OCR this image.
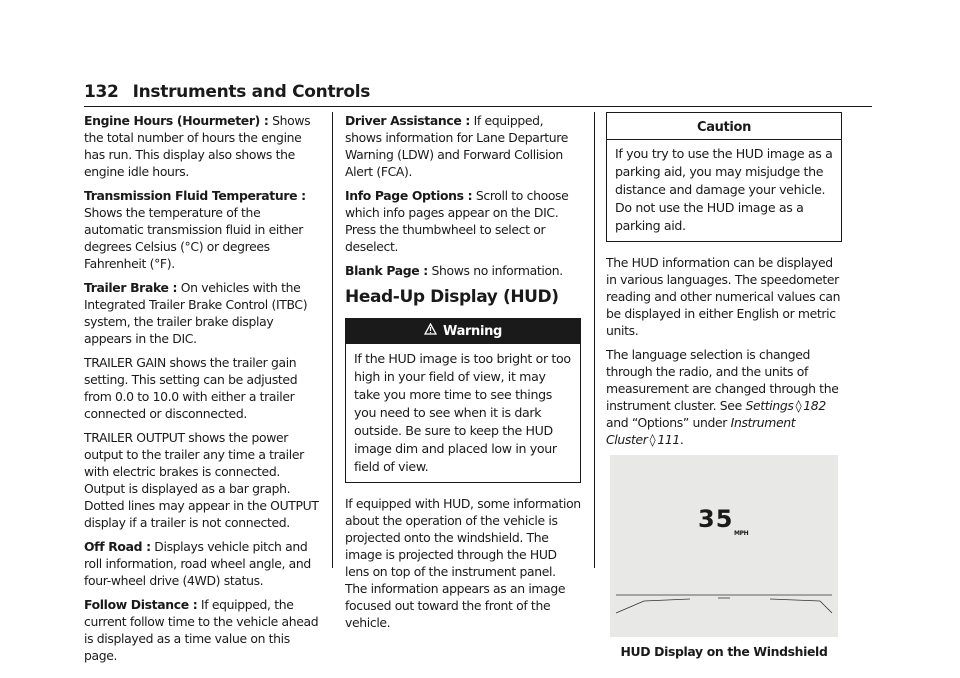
132 Instruments and Controls

Engine Hours (Hourmeter) : Shows the total number of hours the engine has run. This display also shows the engine idle hours.

Transmission Fluid Temperature : Shows the temperature of the automatic transmission fluid in either degrees Celsius (°C) or degrees Fahrenheit (°F).

Trailer Brake : On vehicles with the Integrated Trailer Brake Control (ITBC) system, the trailer brake display appears in the DIC.

TRAILER GAIN shows the trailer gain setting. This setting can be adjusted from 0.0 to 10.0 with either a trailer connected or disconnected.

TRAILER OUTPUT shows the power output to the trailer any time a trailer with electric brakes is connected. Output is displayed as a bar graph. Dotted lines may appear in the OUTPUT display if a trailer is not connected.

Off Road : Displays vehicle pitch and roll information, road wheel angle, and four-wheel drive (4WD) status.

Follow Distance : If equipped, the current follow time to the vehicle ahead is displayed as a time value on this page.

Driver Assistance : If equipped, shows information for Lane Departure Warning (LDW) and Forward Collision Alert (FCA).

Info Page Options : Scroll to choose which info pages appear on the DIC. Press the thumbwheel to select or deselect.

Blank Page : Shows no information.

Head-Up Display (HUD)
Warning
If the HUD image is too bright or too high in your field of view, it may take you more time to see things you need to see when it is dark outside. Be sure to keep the HUD image dim and placed low in your field of view.

If equipped with HUD, some information about the operation of the vehicle is projected onto the windshield. The image is projected through the HUD lens on top of the instrument panel. The information appears as an image focused out toward the front of the vehicle.

Caution
If you try to use the HUD image as a parking aid, you may misjudge the distance and damage your vehicle. Do not use the HUD image as a parking aid.

The HUD information can be displayed in various languages. The speedometer reading and other numerical values can be displayed in either English or metric units.

The language selection is changed through the radio, and the units of measurement are changed through the instrument cluster. See Settings ◊ 182 and “Options” under Instrument Cluster ◊ 111.

35
MPH
HUD Display on the Windshield
